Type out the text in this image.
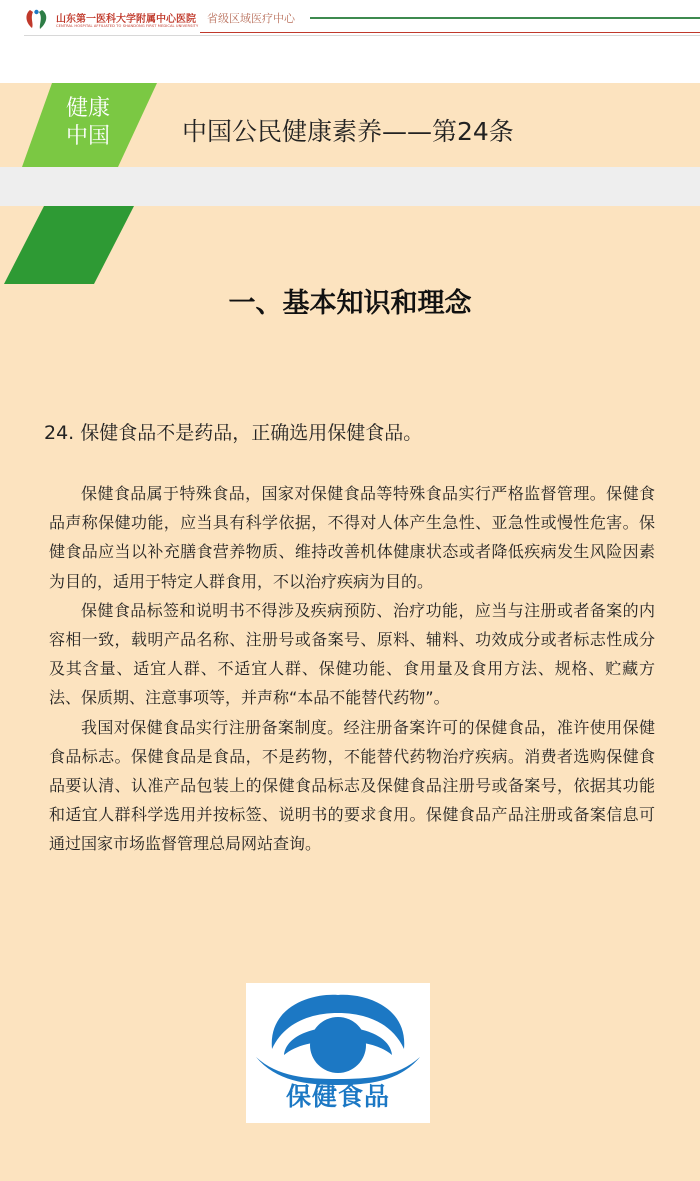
山东第一医科大学附属中心医院
CENTRAL HOSPITAL AFFILIATED TO SHANDONG FIRST MEDICAL UNIVERSITY
省级区域医疗中心
健康
中国	中国公民健康素养——第24条
一、基本知识和理念
24. 保健食品不是药品，正确选用保健食品。

保健食品属于特殊食品，国家对保健食品等特殊食品实行严格监督管理。保健食品声称保健功能，应当具有科学依据，不得对人体产生急性、亚急性或慢性危害。保健食品应当以补充膳食营养物质、维持改善机体健康状态或者降低疾病发生风险因素为目的，适用于特定人群食用，不以治疗疾病为目的。

保健食品标签和说明书不得涉及疾病预防、治疗功能，应当与注册或者备案的内容相一致，载明产品名称、注册号或备案号、原料、辅料、功效成分或者标志性成分及其含量、适宜人群、不适宜人群、保健功能、食用量及食用方法、规格、贮藏方法、保质期、注意事项等，并声称“本品不能替代药物”。

我国对保健食品实行注册备案制度。经注册备案许可的保健食品，准许使用保健食品标志。保健食品是食品，不是药物，不能替代药物治疗疾病。消费者选购保健食品要认清、认准产品包装上的保健食品标志及保健食品注册号或备案号，依据其功能和适宜人群科学选用并按标签、说明书的要求食用。保健食品产品注册或备案信息可通过国家市场监督管理总局网站查询。

保健食品
